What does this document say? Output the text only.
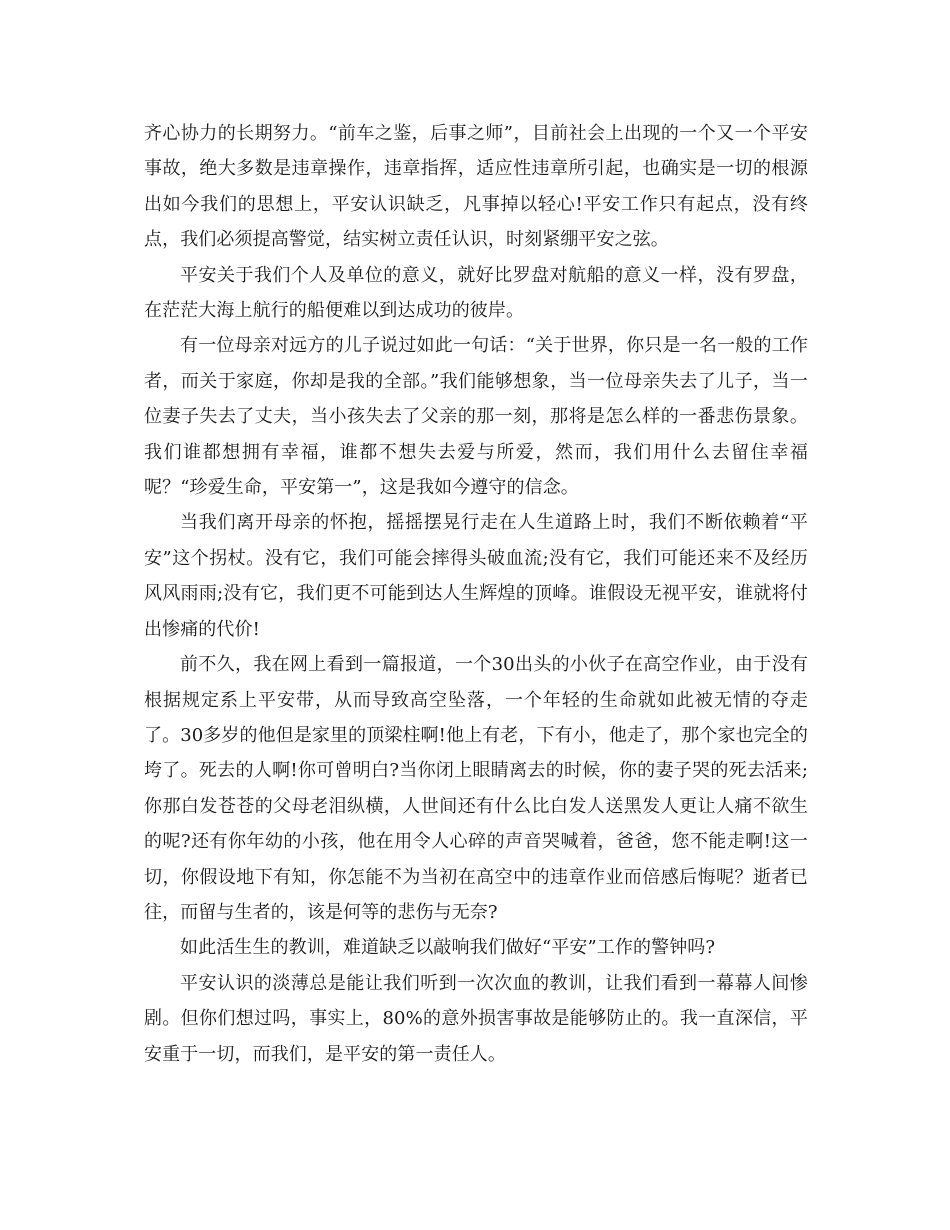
齐心协力的长期努力。“前车之鉴，后事之师”，目前社会上出现的一个又一个平安事故，绝大多数是违章操作，违章指挥，适应性违章所引起，也确实是一切的根源出如今我们的思想上，平安认识缺乏，凡事掉以轻心!平安工作只有起点，没有终点，我们必须提高警觉，结实树立责任认识，时刻紧绷平安之弦。

平安关于我们个人及单位的意义，就好比罗盘对航船的意义一样，没有罗盘，在茫茫大海上航行的船便难以到达成功的彼岸。

有一位母亲对远方的儿子说过如此一句话：“关于世界，你只是一名一般的工作者，而关于家庭，你却是我的全部。”我们能够想象，当一位母亲失去了儿子，当一位妻子失去了丈夫，当小孩失去了父亲的那一刻，那将是怎么样的一番悲伤景象。我们谁都想拥有幸福，谁都不想失去爱与所爱，然而，我们用什么去留住幸福呢？“珍爱生命，平安第一”，这是我如今遵守的信念。

当我们离开母亲的怀抱，摇摇摆晃行走在人生道路上时，我们不断依赖着“平安”这个拐杖。没有它，我们可能会摔得头破血流;没有它，我们可能还来不及经历风风雨雨;没有它，我们更不可能到达人生辉煌的顶峰。谁假设无视平安，谁就将付出惨痛的代价!

前不久，我在网上看到一篇报道，一个30出头的小伙子在高空作业，由于没有根据规定系上平安带，从而导致高空坠落，一个年轻的生命就如此被无情的夺走了。30多岁的他但是家里的顶梁柱啊!他上有老，下有小，他走了，那个家也完全的垮了。死去的人啊!你可曾明白?当你闭上眼睛离去的时候，你的妻子哭的死去活来;你那白发苍苍的父母老泪纵横，人世间还有什么比白发人送黑发人更让人痛不欲生的呢?还有你年幼的小孩，他在用令人心碎的声音哭喊着，爸爸，您不能走啊!这一切，你假设地下有知，你怎能不为当初在高空中的违章作业而倍感后悔呢？逝者已往，而留与生者的，该是何等的悲伤与无奈?

如此活生生的教训，难道缺乏以敲响我们做好“平安”工作的警钟吗?

平安认识的淡薄总是能让我们听到一次次血的教训，让我们看到一幕幕人间惨剧。但你们想过吗，事实上，80%的意外损害事故是能够防止的。我一直深信，平安重于一切，而我们，是平安的第一责任人。
